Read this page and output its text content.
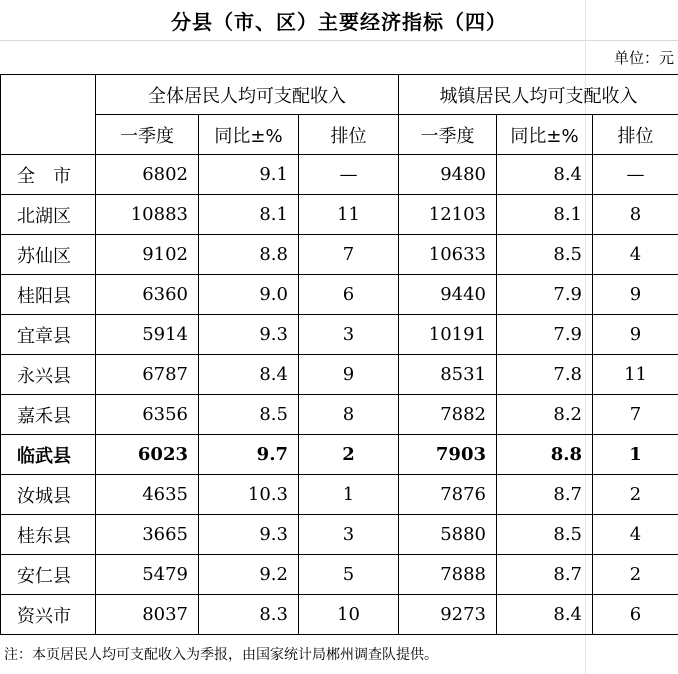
分县（市、区）主要经济指标（四）
单位：元
	全体居民人均可支配收入			城镇居民人均可支配收入		
	一季度	同比±%	排位	一季度	同比±%	排位
全　市	6802	9.1	—	9480	8.4	—
北湖区	10883	8.1	11	12103	8.1	8
苏仙区	9102	8.8	7	10633	8.5	4
桂阳县	6360	9.0	6	9440	7.9	9
宜章县	5914	9.3	3	10191	7.9	9
永兴县	6787	8.4	9	8531	7.8	11
嘉禾县	6356	8.5	8	7882	8.2	7
临武县	6023	9.7	2	7903	8.8	1
汝城县	4635	10.3	1	7876	8.7	2
桂东县	3665	9.3	3	5880	8.5	4
安仁县	5479	9.2	5	7888	8.7	2
资兴市	8037	8.3	10	9273	8.4	6
注：本页居民人均可支配收入为季报，由国家统计局郴州调查队提供。
